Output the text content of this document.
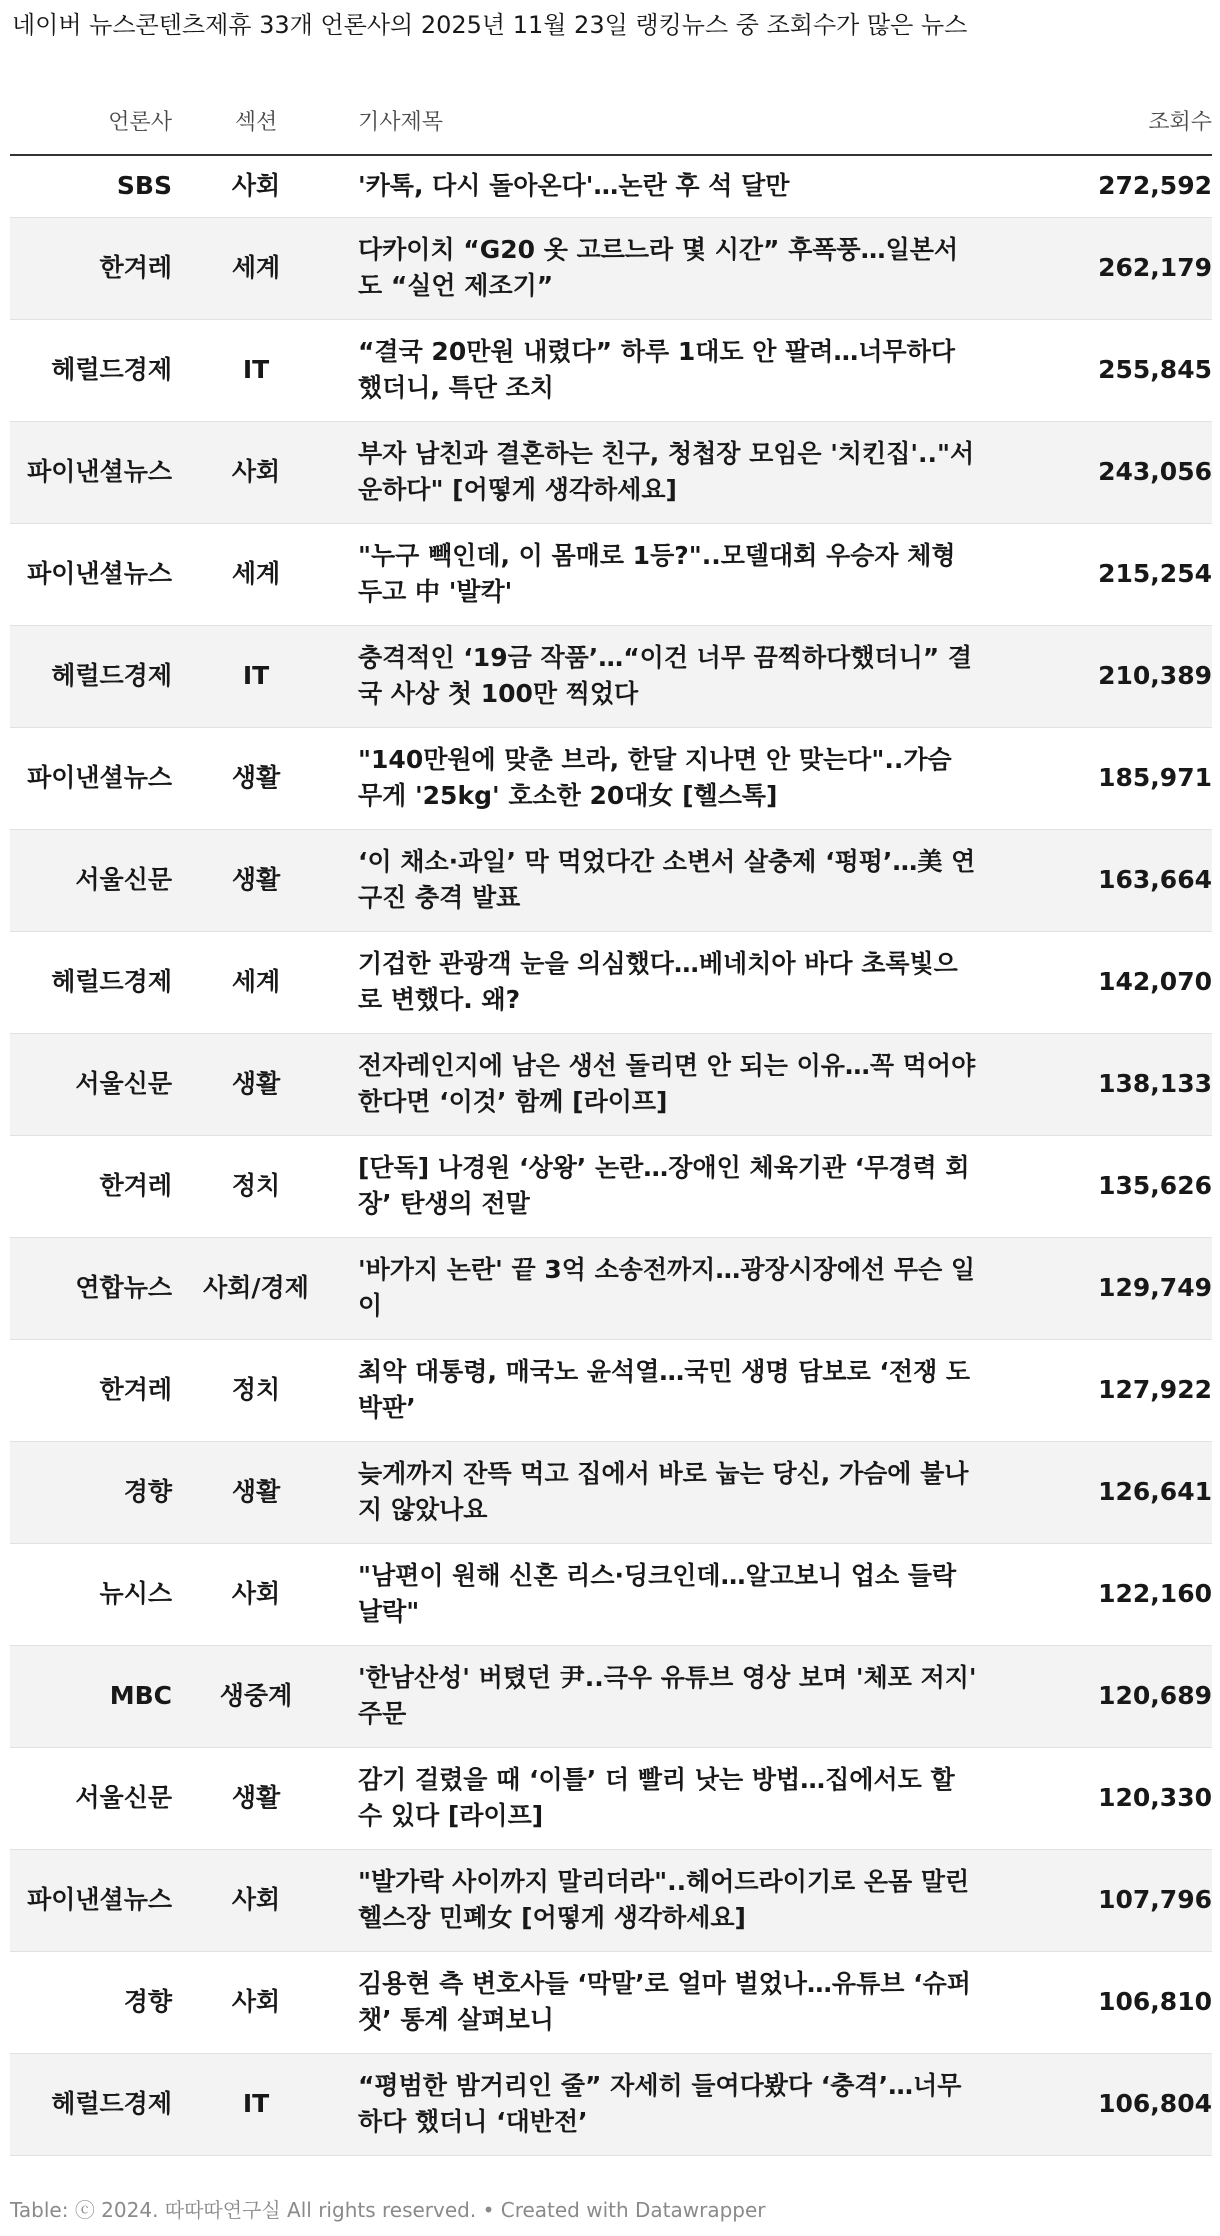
네이버 뉴스콘텐츠제휴 33개 언론사의 2025년 11월 23일 랭킹뉴스 중 조회수가 많은 뉴스
언론사	섹션		기사제목	조회수
SBS	사회		'카톡, 다시 돌아온다'…논란 후 석 달만	272,592
한겨레	세계		다카이치 “G20 옷 고르느라 몇 시간” 후폭풍…일본서도 “실언 제조기”	262,179
헤럴드경제	IT		“결국 20만원 내렸다” 하루 1대도 안 팔려…너무하다했더니, 특단 조치	255,845
파이낸셜뉴스	사회		부자 남친과 결혼하는 친구, 청첩장 모임은 '치킨집'.."서운하다" [어떻게 생각하세요]	243,056
파이낸셜뉴스	세계		"누구 빽인데, 이 몸매로 1등?"..모델대회 우승자 체형 두고 中 '발칵'	215,254
헤럴드경제	IT		충격적인 ‘19금 작품’…“이건 너무 끔찍하다했더니” 결국 사상 첫 100만 찍었다	210,389
파이낸셜뉴스	생활		"140만원에 맞춘 브라, 한달 지나면 안 맞는다"..가슴 무게 '25kg' 호소한 20대女 [헬스톡]	185,971
서울신문	생활		‘이 채소·과일’ 막 먹었다간 소변서 살충제 ‘펑펑’…美 연구진 충격 발표	163,664
헤럴드경제	세계		기겁한 관광객 눈을 의심했다…베네치아 바다 초록빛으로 변했다. 왜?	142,070
서울신문	생활		전자레인지에 남은 생선 돌리면 안 되는 이유…꼭 먹어야 한다면 ‘이것’ 함께 [라이프]	138,133
한겨레	정치		[단독] 나경원 ‘상왕’ 논란…장애인 체육기관 ‘무경력 회장’ 탄생의 전말	135,626
연합뉴스	사회/경제		'바가지 논란' 끝 3억 소송전까지…광장시장에선 무슨 일이	129,749
한겨레	정치		최악 대통령, 매국노 윤석열…국민 생명 담보로 ‘전쟁 도박판’	127,922
경향	생활		늦게까지 잔뜩 먹고 집에서 바로 눕는 당신, 가슴에 불나지 않았나요	126,641
뉴시스	사회		"남편이 원해 신혼 리스·딩크인데…알고보니 업소 들락날락"	122,160
MBC	생중계		'한남산성' 버텼던 尹..극우 유튜브 영상 보며 '체포 저지' 주문	120,689
서울신문	생활		감기 걸렸을 때 ‘이틀’ 더 빨리 낫는 방법…집에서도 할 수 있다 [라이프]	120,330
파이낸셜뉴스	사회		"발가락 사이까지 말리더라"..헤어드라이기로 온몸 말린 헬스장 민폐女 [어떻게 생각하세요]	107,796
경향	사회		김용현 측 변호사들 ‘막말’로 얼마 벌었나…유튜브 ‘슈퍼챗’ 통계 살펴보니	106,810
헤럴드경제	IT		“평범한 밤거리인 줄” 자세히 들여다봤다 ‘충격’…너무하다 했더니 ‘대반전’	106,804
Table: ⓒ 2024. 따따따연구실 All rights reserved. • Created with Datawrapper
